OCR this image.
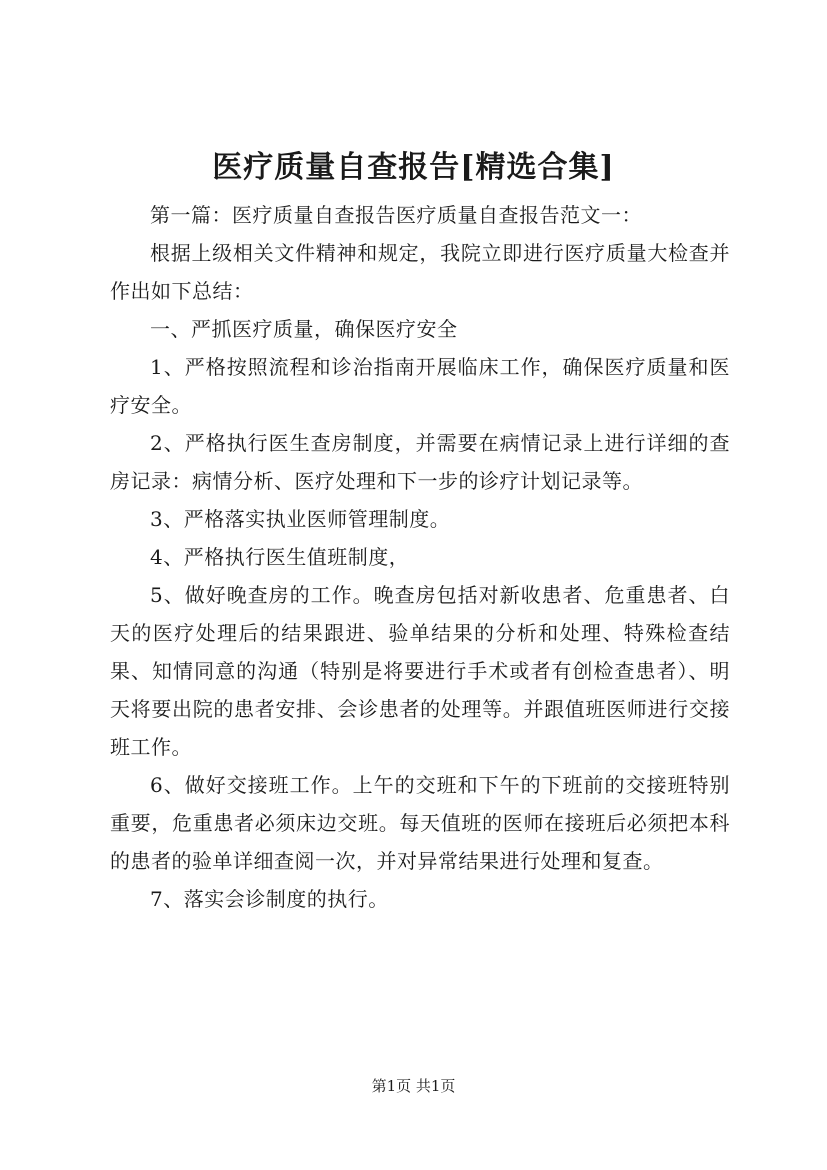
医疗质量自查报告[精选合集]

第一篇：医疗质量自查报告医疗质量自查报告范文一：

根据上级相关文件精神和规定，我院立即进行医疗质量大检查并作出如下总结：

一、严抓医疗质量，确保医疗安全

1、严格按照流程和诊治指南开展临床工作，确保医疗质量和医疗安全。

2、严格执行医生查房制度，并需要在病情记录上进行详细的查房记录：病情分析、医疗处理和下一步的诊疗计划记录等。

3、严格落实执业医师管理制度。

4、严格执行医生值班制度，

5、做好晚查房的工作。晚查房包括对新收患者、危重患者、白天的医疗处理后的结果跟进、验单结果的分析和处理、特殊检查结果、知情同意的沟通（特别是将要进行手术或者有创检查患者）、明天将要出院的患者安排、会诊患者的处理等。并跟值班医师进行交接班工作。

6、做好交接班工作。上午的交班和下午的下班前的交接班特别重要，危重患者必须床边交班。每天值班的医师在接班后必须把本科的患者的验单详细查阅一次，并对异常结果进行处理和复查。

7、落实会诊制度的执行。

第1页 共1页
